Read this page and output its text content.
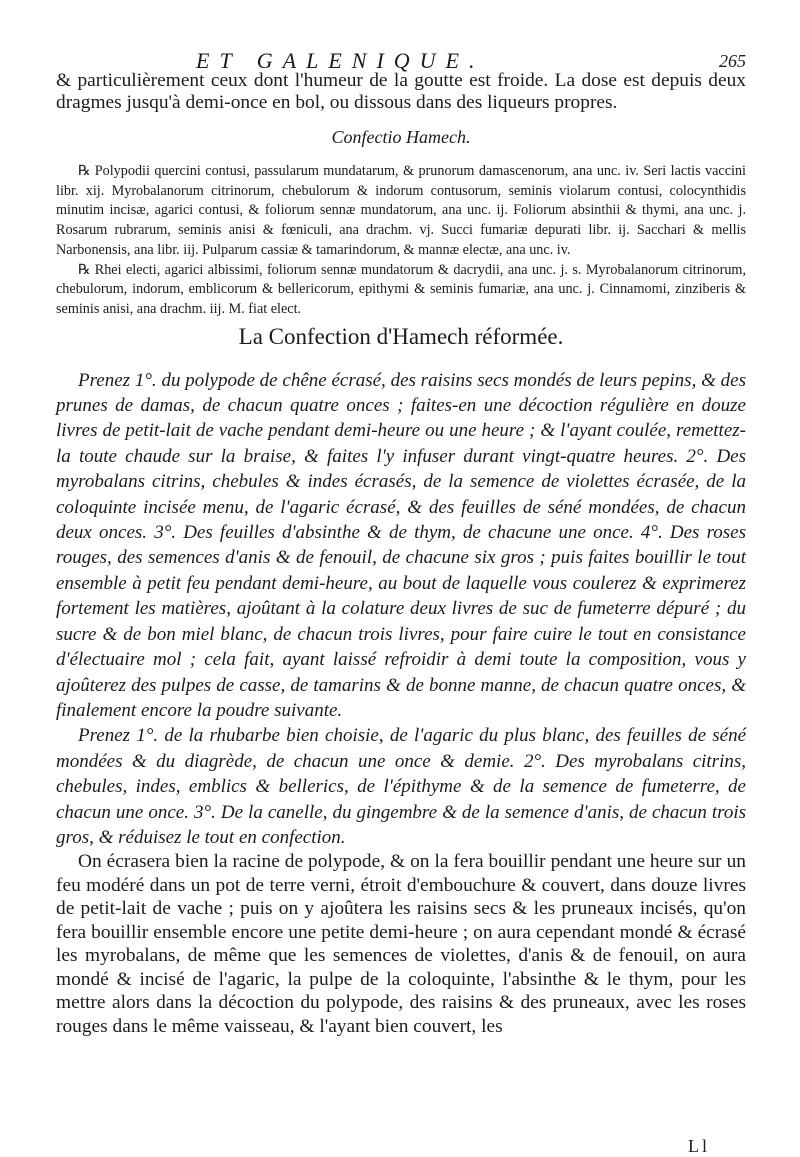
ET GALENIQUE.	265

& particulièrement ceux dont l'humeur de la goutte est froide. La dose est depuis deux dragmes jusqu'à demi-once en bol, ou dissous dans des liqueurs propres.

Confectio Hamech.

℞ Polypodii quercini contusi, passularum mundatarum, & prunorum damascenorum, ana unc. iv. Seri lactis vaccini libr. xij. Myrobalanorum citrinorum, chebulorum & indorum contusorum, seminis violarum contusi, colocynthidis minutim incisæ, agarici contusi, & foliorum sennæ mundatorum, ana unc. ij. Foliorum absinthii & thymi, ana unc. j. Rosarum rubrarum, seminis anisi & fœniculi, ana drachm. vj. Succi fumariæ depurati libr. ij. Sacchari & mellis Narbonensis, ana libr. iij. Pulparum cassiæ & tamarindorum, & mannæ electæ, ana unc. iv.

℞ Rhei electi, agarici albissimi, foliorum sennæ mundatorum & dacrydii, ana unc. j. s. Myrobalanorum citrinorum, chebulorum, indorum, emblicorum & bellericorum, epithymi & seminis fumariæ, ana unc. j. Cinnamomi, zinziberis & seminis anisi, ana drachm. iij. M. fiat elect.

La Confection d'Hamech réformée.

Prenez 1°. du polypode de chêne écrasé, des raisins secs mondés de leurs pepins, & des prunes de damas, de chacun quatre onces ; faites-en une décoction régulière en douze livres de petit-lait de vache pendant demi-heure ou une heure ; & l'ayant coulée, remettez-la toute chaude sur la braise, & faites l'y infuser durant vingt-quatre heures. 2°. Des myrobalans citrins, chebules & indes écrasés, de la semence de violettes écrasée, de la coloquinte incisée menu, de l'agaric écrasé, & des feuilles de séné mondées, de chacun deux onces. 3°. Des feuilles d'absinthe & de thym, de chacune une once. 4°. Des roses rouges, des semences d'anis & de fenouil, de chacune six gros ; puis faites bouillir le tout ensemble à petit feu pendant demi-heure, au bout de laquelle vous coulerez & exprimerez fortement les matières, ajoûtant à la colature deux livres de suc de fumeterre dépuré ; du sucre & de bon miel blanc, de chacun trois livres, pour faire cuire le tout en consistance d'électuaire mol ; cela fait, ayant laissé refroidir à demi toute la composition, vous y ajoûterez des pulpes de casse, de tamarins & de bonne manne, de chacun quatre onces, & finalement encore la poudre suivante.

Prenez 1°. de la rhubarbe bien choisie, de l'agaric du plus blanc, des feuilles de séné mondées & du diagrède, de chacun une once & demie. 2°. Des myrobalans citrins, chebules, indes, emblics & bellerics, de l'épithyme & de la semence de fumeterre, de chacun une once. 3°. De la canelle, du gingembre & de la semence d'anis, de chacun trois gros, & réduisez le tout en confection.

On écrasera bien la racine de polypode, & on la fera bouillir pendant une heure sur un feu modéré dans un pot de terre verni, étroit d'embouchure & couvert, dans douze livres de petit-lait de vache ; puis on y ajoûtera les raisins secs & les pruneaux incisés, qu'on fera bouillir ensemble encore une petite demi-heure ; on aura cependant mondé & écrasé les myrobalans, de même que les semences de violettes, d'anis & de fenouil, on aura mondé & incisé de l'agaric, la pulpe de la coloquinte, l'absinthe & le thym, pour les mettre alors dans la décoction du polypode, des raisins & des pruneaux, avec les roses rouges dans le même vaisseau, & l'ayant bien couvert, les

Ll
